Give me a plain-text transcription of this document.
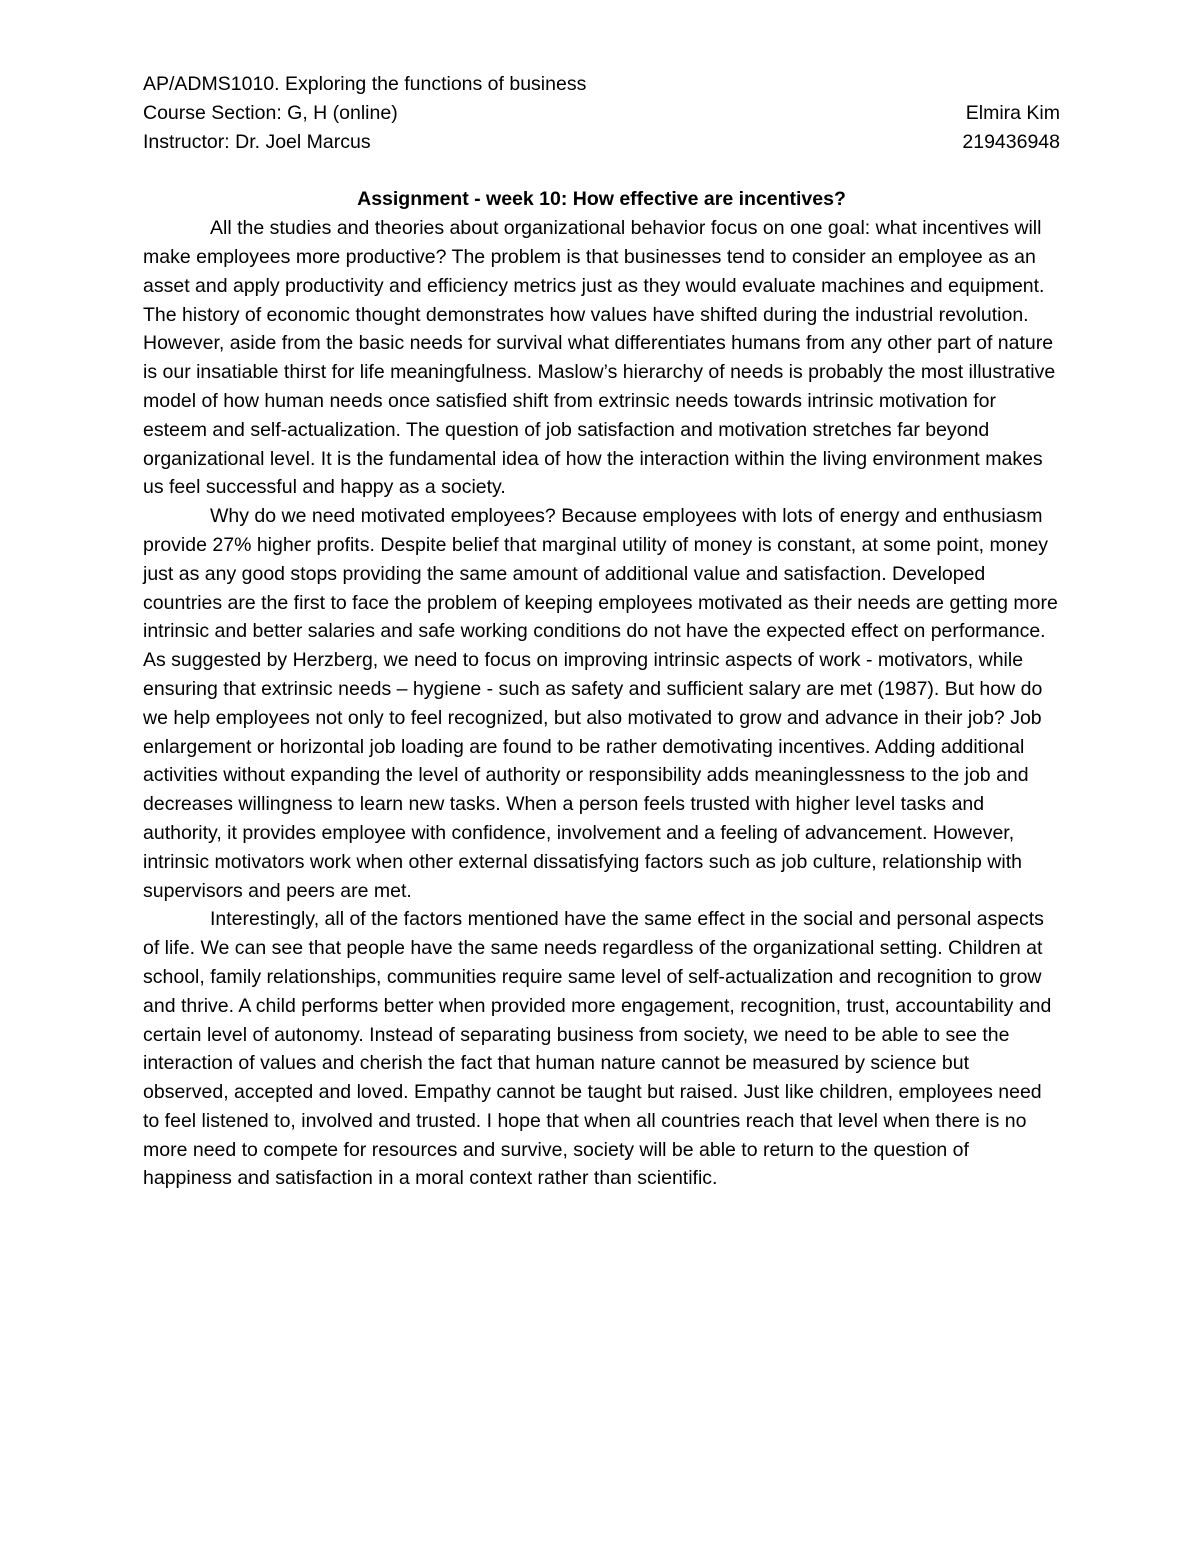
AP/ADMS1010. Exploring the functions of business
Course Section: G, H (online)	Elmira Kim
Instructor: Dr. Joel Marcus	219436948
Assignment - week 10: How effective are incentives?

All the studies and theories about organizational behavior focus on one goal: what incentives will make employees more productive? The problem is that businesses tend to consider an employee as an asset and apply productivity and efficiency metrics just as they would evaluate machines and equipment. The history of economic thought demonstrates how values have shifted during the industrial revolution. However, aside from the basic needs for survival what differentiates humans from any other part of nature is our insatiable thirst for life meaningfulness. Maslow’s hierarchy of needs is probably the most illustrative model of how human needs once satisfied shift from extrinsic needs towards intrinsic motivation for esteem and self-actualization. The question of job satisfaction and motivation stretches far beyond organizational level. It is the fundamental idea of how the interaction within the living environment makes us feel successful and happy as a society.

Why do we need motivated employees? Because employees with lots of energy and enthusiasm provide 27% higher profits. Despite belief that marginal utility of money is constant, at some point, money just as any good stops providing the same amount of additional value and satisfaction. Developed countries are the first to face the problem of keeping employees motivated as their needs are getting more intrinsic and better salaries and safe working conditions do not have the expected effect on performance. As suggested by Herzberg, we need to focus on improving intrinsic aspects of work - motivators, while ensuring that extrinsic needs – hygiene - such as safety and sufficient salary are met (1987). But how do we help employees not only to feel recognized, but also motivated to grow and advance in their job? Job enlargement or horizontal job loading are found to be rather demotivating incentives. Adding additional activities without expanding the level of authority or responsibility adds meaninglessness to the job and decreases willingness to learn new tasks. When a person feels trusted with higher level tasks and authority, it provides employee with confidence, involvement and a feeling of advancement. However, intrinsic motivators work when other external dissatisfying factors such as job culture, relationship with supervisors and peers are met.

Interestingly, all of the factors mentioned have the same effect in the social and personal aspects of life. We can see that people have the same needs regardless of the organizational setting. Children at school, family relationships, communities require same level of self-actualization and recognition to grow and thrive. A child performs better when provided more engagement, recognition, trust, accountability and certain level of autonomy. Instead of separating business from society, we need to be able to see the interaction of values and cherish the fact that human nature cannot be measured by science but observed, accepted and loved. Empathy cannot be taught but raised. Just like children, employees need to feel listened to, involved and trusted. I hope that when all countries reach that level when there is no more need to compete for resources and survive, society will be able to return to the question of happiness and satisfaction in a moral context rather than scientific.
